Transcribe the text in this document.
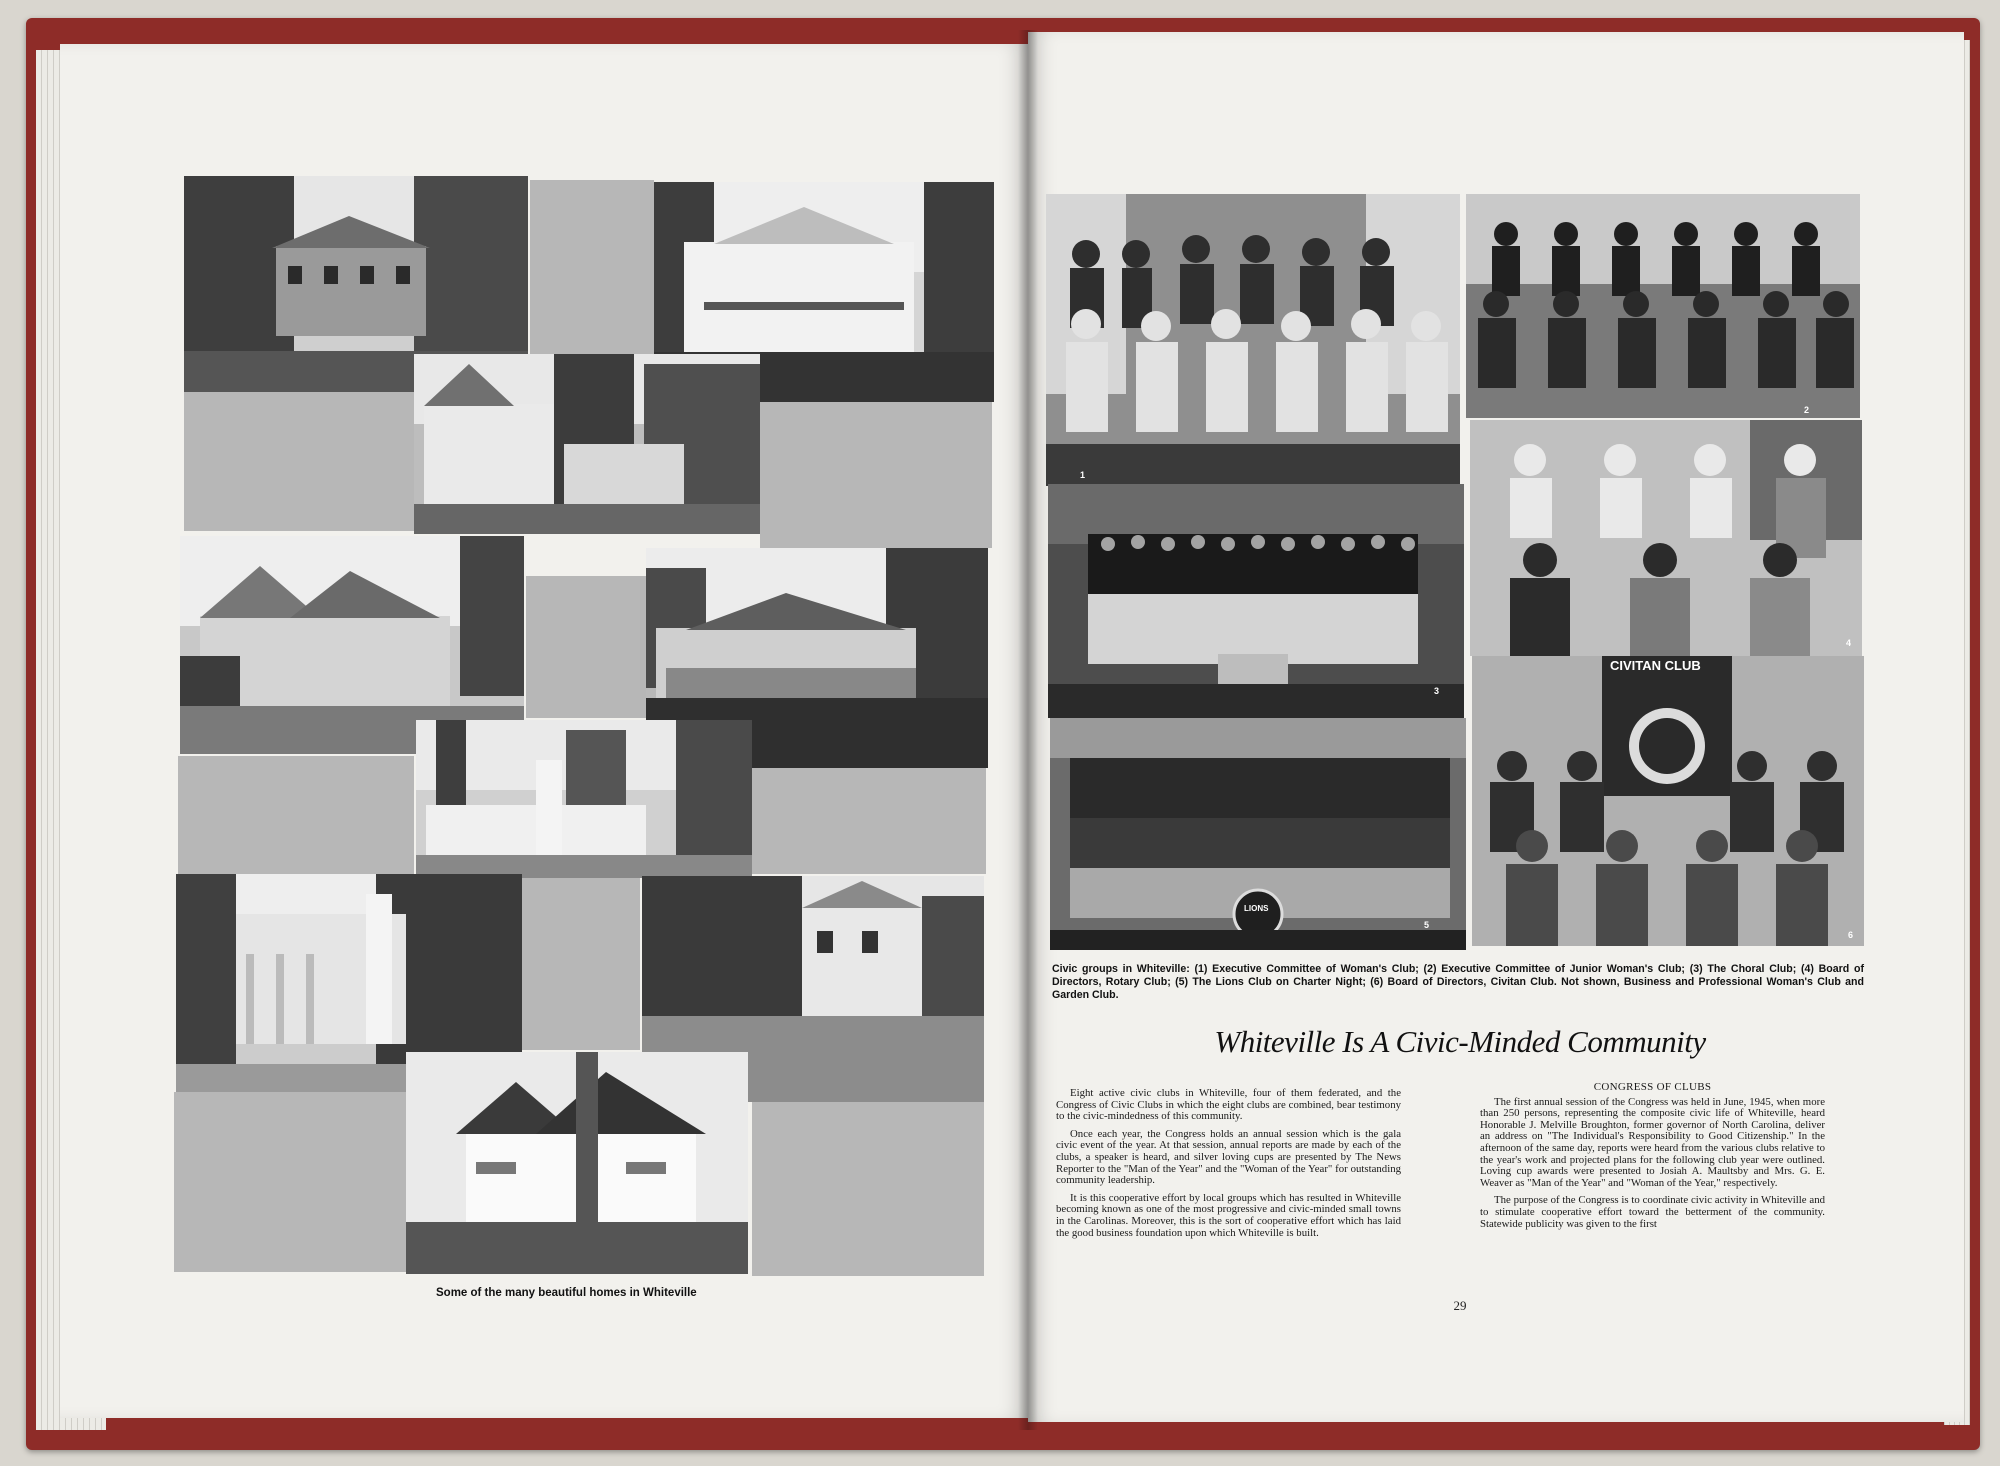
Some of the many beautiful homes in Whiteville
1
2
3
4
LIONS
5
CIVITAN CLUB
6
Civic groups in Whiteville: (1) Executive Committee of Woman's Club; (2) Executive Committee of Junior Woman's Club; (3) The Choral Club; (4) Board of Directors, Rotary Club; (5) The Lions Club on Charter Night; (6) Board of Directors, Civitan Club. Not shown, Business and Professional Woman's Club and Garden Club.
Whiteville Is A Civic-Minded Community

Eight active civic clubs in Whiteville, four of them federated, and the Congress of Civic Clubs in which the eight clubs are combined, bear testimony to the civic-mindedness of this community.

Once each year, the Congress holds an annual session which is the gala civic event of the year. At that session, annual reports are made by each of the clubs, a speaker is heard, and silver loving cups are presented by The News Reporter to the "Man of the Year" and the "Woman of the Year" for outstanding community leadership.

It is this cooperative effort by local groups which has resulted in Whiteville becoming known as one of the most progressive and civic-minded small towns in the Carolinas. Moreover, this is the sort of cooperative effort which has laid the good business foundation upon which Whiteville is built.

CONGRESS OF CLUBS

The first annual session of the Congress was held in June, 1945, when more than 250 persons, representing the composite civic life of Whiteville, heard Honorable J. Melville Broughton, former governor of North Carolina, deliver an address on "The Individual's Responsibility to Good Citizenship." In the afternoon of the same day, reports were heard from the various clubs relative to the year's work and projected plans for the following club year were outlined. Loving cup awards were presented to Josiah A. Maultsby and Mrs. G. E. Weaver as "Man of the Year" and "Woman of the Year," respectively.

The purpose of the Congress is to coordinate civic activity in Whiteville and to stimulate cooperative effort toward the betterment of the community. Statewide publicity was given to the first

29
